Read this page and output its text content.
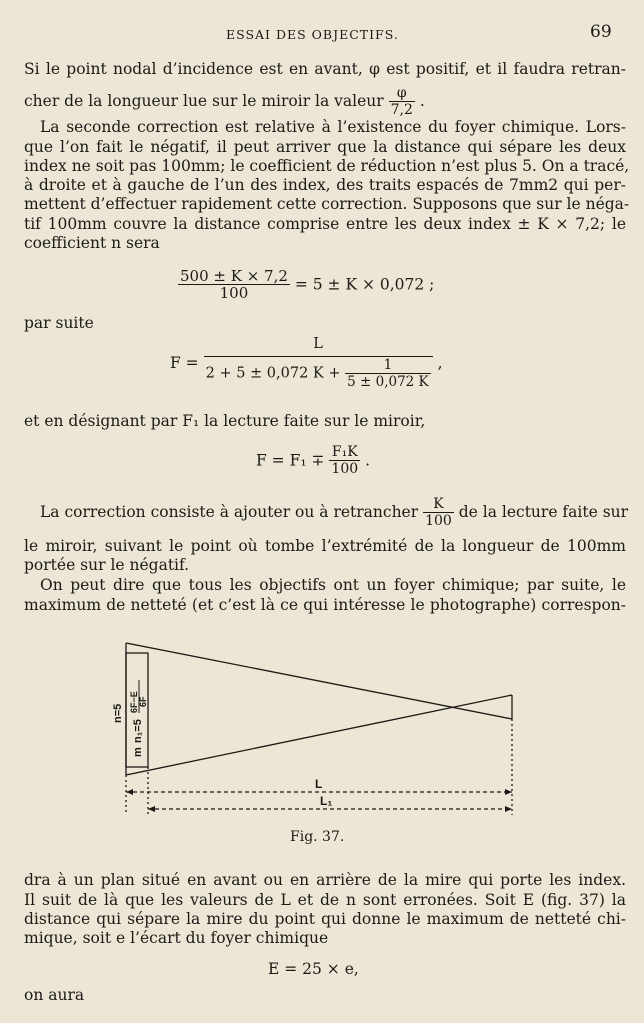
ESSAI DES OBJECTIFS.	69
Si le point nodal d’incidence est en avant, φ est positif, et il faudra retran-
cher de la longueur lue sur le miroir la valeur $\frac{\varphi}{7,2}$ .
La seconde correction est relative à l’existence du foyer chimique. Lors-
que l’on fait le négatif, il peut arriver que la distance qui sépare les deux
index ne soit pas 100mm; le coefficient de réduction n’est plus 5. On a tracé,
à droite et à gauche de l’un des index, des traits espacés de 7mm2 qui per-
mettent d’effectuer rapidement cette correction. Supposons que sur le néga-
tif 100mm couvre la distance comprise entre les deux index ± K × 7,2; le
coefficient n sera
$\frac{500 \pm K \times 7,2}{100} = 5 \pm K \times 0,072$ ;
par suite
$F = \frac{L}{2 + 5 \pm 0,072 K + \frac{1}{5 \pm 0,072 K}}$ ,
et en désignant par F₁ la lecture faite sur le miroir,
$F = F_1 \mp \frac{\text{F₁K}}{100}$ .
La correction consiste à ajouter ou à retrancher $\frac{K}{100}$ de la lecture faite sur
le miroir, suivant le point où tombe l’extrémité de la longueur de 100mm
portée sur le négatif.
On peut dire que tous les objectifs ont un foyer chimique; par suite, le
maximum de netteté (et c’est là ce qui intéresse le photographe) correspon-
n=5
m
n₁=5
6F−E 6F
L
L₁
Fig. 37.
dra à un plan situé en avant ou en arrière de la mire qui porte les index.
Il suit de là que les valeurs de L et de n sont erronées. Soit E (fig. 37) la
distance qui sépare la mire du point qui donne le maximum de netteté chi-
mique, soit e l’écart du foyer chimique
E = 25 × e,
on aura
